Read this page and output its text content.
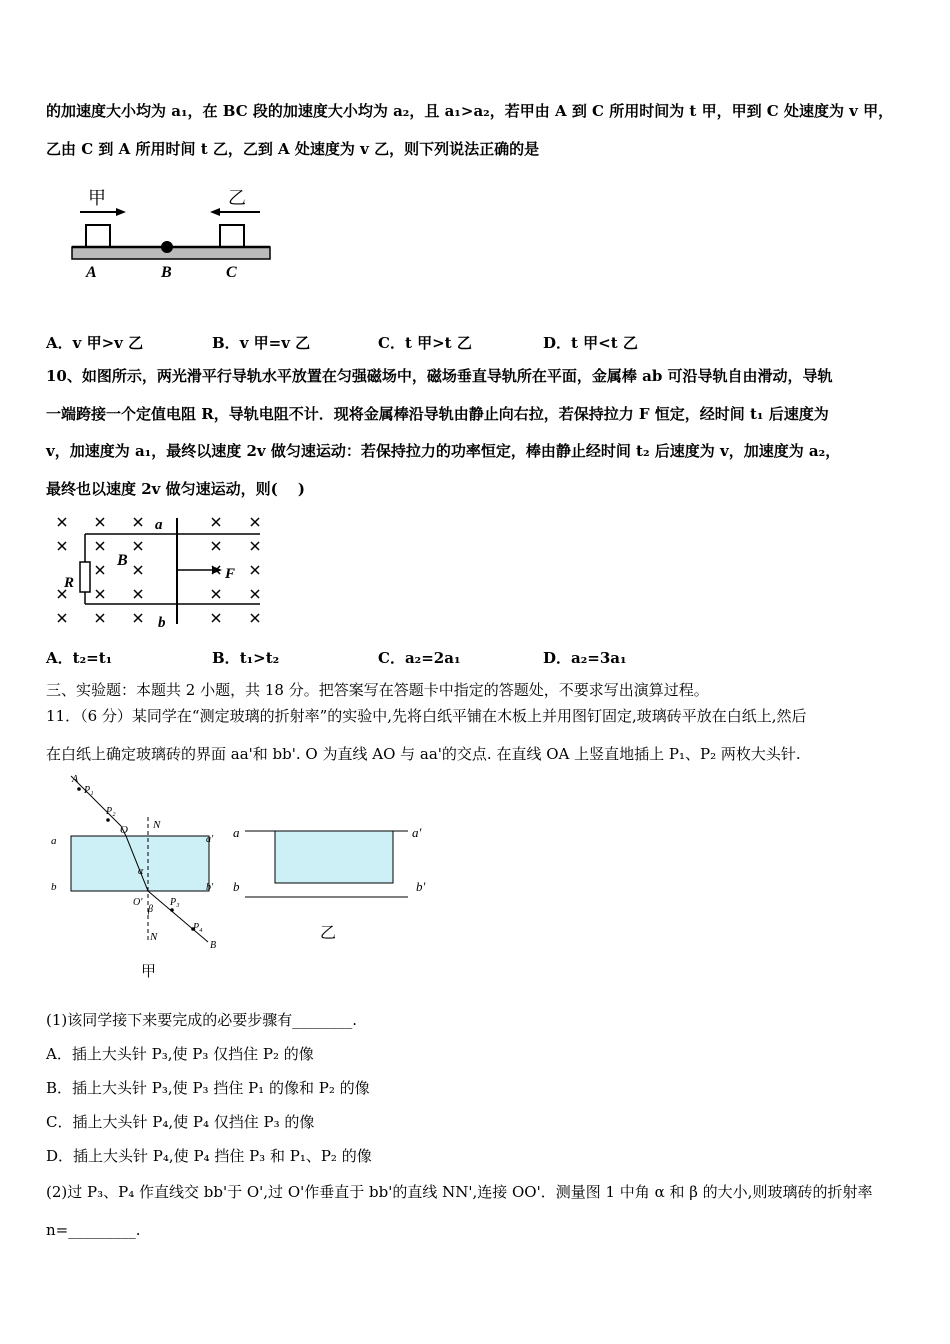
的加速度大小均为 a₁，在 BC 段的加速度大小均为 a₂，且 a₁>a₂，若甲由 A 到 C 所用时间为 t 甲，甲到 C 处速度为 v 甲，
乙由 C 到 A 所用时间 t 乙，乙到 A 处速度为 v 乙，则下列说法正确的是
甲	乙
A	B	C
A．v 甲>v 乙	B．v 甲=v 乙	C．t 甲>t 乙	D．t 甲<t 乙
10、如图所示，两光滑平行导轨水平放置在匀强磁场中，磁场垂直导轨所在平面，金属棒 ab 可沿导轨自由滑动，导轨
一端跨接一个定值电阻 R，导轨电阻不计．现将金属棒沿导轨由静止向右拉，若保持拉力 F 恒定，经时间 t₁ 后速度为
v，加速度为 a₁，最终以速度 2v 做匀速运动：若保持拉力的功率恒定，棒由静止经时间 t₂ 后速度为 v，加速度为 a₂，
最终也以速度 2v 做匀速运动，则(　 )
a
b
B
R
F
A．t₂=t₁	B．t₁>t₂	C．a₂=2a₁	D．a₂=3a₁
三、实验题：本题共 2 小题，共 18 分。把答案写在答题卡中指定的答题处，不要求写出演算过程。
11．（6 分）某同学在“测定玻璃的折射率”的实验中,先将白纸平铺在木板上并用图钉固定,玻璃砖平放在白纸上,然后
在白纸上确定玻璃砖的界面 aa'和 bb'. O 为直线 AO 与 aa'的交点. 在直线 OA 上竖直地插上 P₁、P₂ 两枚大头针.
A
P₁
P₂
O N
a	a'
b	b'
α
O'
β
P₃
P₄
N
B
甲
a	a'
b	b'
乙
(1)该同学接下来要完成的必要步骤有________.
A．插上大头针 P₃,使 P₃ 仅挡住 P₂ 的像
B．插上大头针 P₃,使 P₃ 挡住 P₁ 的像和 P₂ 的像
C．插上大头针 P₄,使 P₄ 仅挡住 P₃ 的像
D．插上大头针 P₄,使 P₄ 挡住 P₃ 和 P₁、P₂ 的像
(2)过 P₃、P₄ 作直线交 bb'于 O',过 O'作垂直于 bb'的直线 NN',连接 OO'．测量图 1 中角 α 和 β 的大小,则玻璃砖的折射率
n=_________.
